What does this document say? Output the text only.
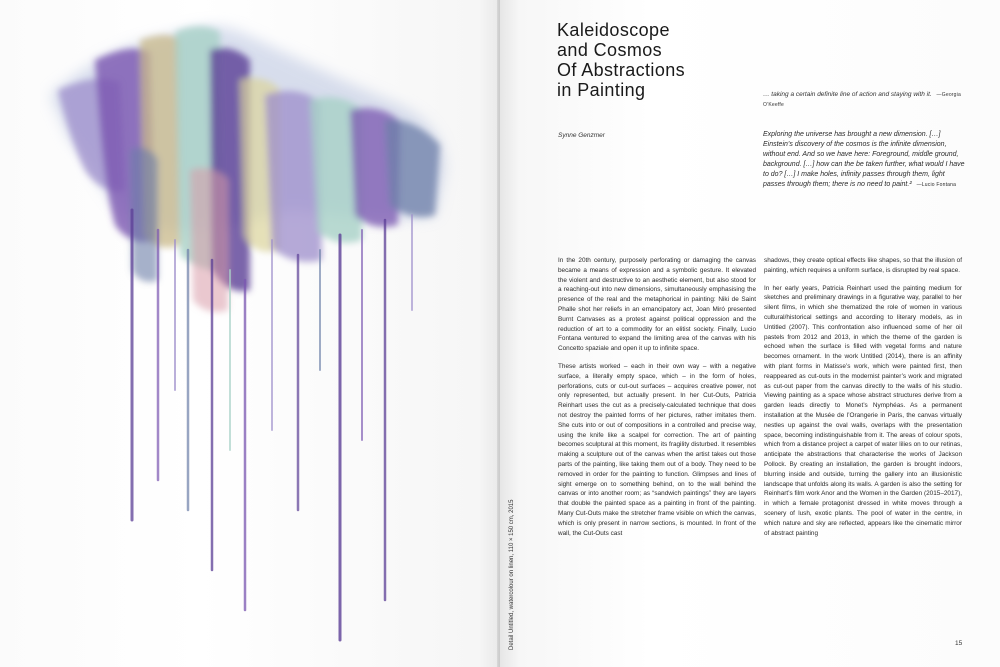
Detail Untitled, watercolour on linen, 110 × 150 cm, 2015
Kaleidoscope
and Cosmos
Of Abstractions
in Painting	… taking a certain definite line of action and staying with it. —Georgia O’Keeffe
Synne Genzmer	Exploring the universe has brought a new dimension. […] Einstein’s discovery of the cosmos is the infinite dimension, without end. And so we have here: Foreground, middle ground, background. […] how can the be taken further, what would I have to do? […] I make holes, infinity passes through them, light passes through them; there is no need to paint.² —Lucio Fontana

In the 20th century, purposely perforating or damaging the canvas became a means of expression and a symbolic gesture. It elevated the violent and destructive to an aesthetic element, but also stood for a reaching-out into new dimensions, simultaneously emphasising the presence of the real and the metaphorical in painting: Niki de Saint Phalle shot her reliefs in an emancipatory act, Joan Miró presented Burnt Canvases as a protest against political oppression and the reduction of art to a commodity for an elitist society. Finally, Lucio Fontana ventured to expand the limiting area of the canvas with his Concetto spaziale and open it up to infinite space.

These artists worked – each in their own way – with a negative surface, a literally empty space, which – in the form of holes, perforations, cuts or cut-out surfaces – acquires creative power, not only represented, but actually present. In her Cut-Outs, Patricia Reinhart uses the cut as a precisely-calculated technique that does not destroy the painted forms of her pictures, rather imitates them. She cuts into or out of compositions in a controlled and precise way, using the knife like a scalpel for correction. The art of painting becomes sculptural at this moment, its fragility disturbed. It resembles making a sculpture out of the canvas when the artist takes out those parts of the painting, like taking them out of a body. They need to be removed in order for the painting to function. Glimpses and lines of sight emerge on to something behind, on to the wall behind the canvas or into another room; as “sandwich paintings” they are layers that double the painted space as a painting in front of the painting. Many Cut-Outs make the stretcher frame visible on which the canvas, which is only present in narrow sections, is mounted. In front of the wall, the Cut-Outs cast

shadows, they create optical effects like shapes, so that the illusion of painting, which requires a uniform surface, is disrupted by real space.

In her early years, Patricia Reinhart used the painting medium for sketches and preliminary drawings in a figurative way, parallel to her silent films, in which she thematized the role of women in various cultural/historical settings and according to literary models, as in Untitled (2007). This confrontation also influenced some of her oil pastels from 2012 and 2013, in which the theme of the garden is echoed when the surface is filled with vegetal forms and nature becomes ornament. In the work Untitled (2014), there is an affinity with plant forms in Matisse’s work, which were painted first, then reappeared as cut-outs in the modernist painter’s work and migrated as cut-out paper from the canvas directly to the walls of his studio. Viewing painting as a space whose abstract structures derive from a garden leads directly to Monet’s Nymphéas. As a permanent installation at the Musée de l’Orangerie in Paris, the canvas virtually nestles up against the oval walls, overlaps with the presentation space, becoming indistinguishable from it. The areas of colour spots, which from a distance project a carpet of water lilies on to our retinas, anticipate the abstractions that characterise the works of Jackson Pollock. By creating an installation, the garden is brought indoors, blurring inside and outside, turning the gallery into an illusionistic landscape that unfolds along its walls. A garden is also the setting for Reinhart’s film work Anor and the Women in the Garden (2015–2017), in which a female protagonist dressed in white moves through a scenery of lush, exotic plants. The pool of water in the centre, in which nature and sky are reflected, appears like the cinematic mirror of abstract painting

15
